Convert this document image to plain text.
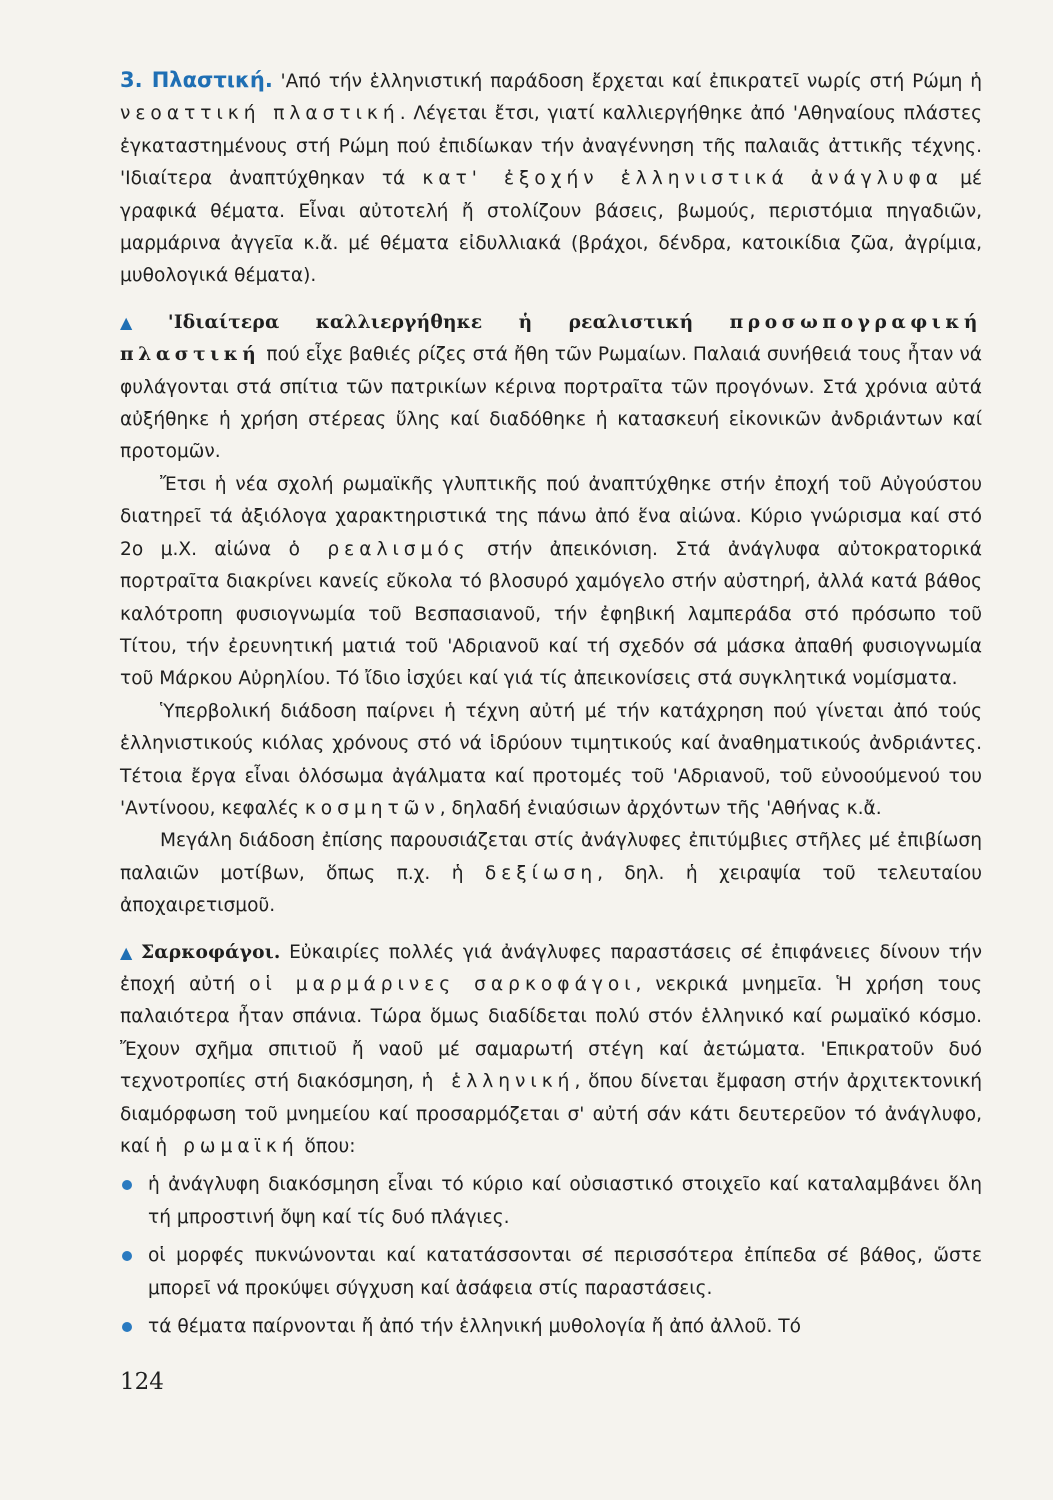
3. Πλαστική. 'Από τήν ἑλληνιστική παράδοση ἔρχεται καί ἐπικρατεῖ νωρίς στή Ρώμη ἡ νεοαττική πλαστική. Λέγεται ἔτσι, γιατί καλλιεργήθηκε ἀπό 'Αθηναίους πλάστες ἐγκαταστημένους στή Ρώμη πού ἐπιδίωκαν τήν ἀναγέννηση τῆς παλαιᾶς ἀττικῆς τέχνης. 'Ιδιαίτερα ἀναπτύχθηκαν τά κατ' ἐξοχήν ἑλληνιστικά ἀνάγλυφα μέ γραφικά θέματα. Εἶναι αὐτοτελή ἤ στολίζουν βάσεις, βωμούς, περιστόμια πηγαδιῶν, μαρμάρινα ἀγγεῖα κ.ἄ. μέ θέματα εἰδυλλιακά (βράχοι, δένδρα, κατοικίδια ζῶα, ἀγρίμια, μυθολογικά θέματα).

▲ 'Ιδιαίτερα καλλιεργήθηκε ἡ ρεαλιστική προσωπογραφική πλαστική πού εἶχε βαθιές ρίζες στά ἤθη τῶν Ρωμαίων. Παλαιά συνήθειά τους ἦταν νά φυλάγονται στά σπίτια τῶν πατρικίων κέρινα πορτραῖτα τῶν προγόνων. Στά χρόνια αὐτά αὐξήθηκε ἡ χρήση στέρεας ὕλης καί διαδόθηκε ἡ κατασκευή εἰκονικῶν ἀνδριάντων καί προτομῶν.

Ἔτσι ἡ νέα σχολή ρωμαϊκῆς γλυπτικῆς πού ἀναπτύχθηκε στήν ἐποχή τοῦ Αὐγούστου διατηρεῖ τά ἀξιόλογα χαρακτηριστικά της πάνω ἀπό ἕνα αἰώνα. Κύριο γνώρισμα καί στό 2ο μ.Χ. αἰώνα ὁ ρεαλισμός στήν ἀπεικόνιση. Στά ἀνάγλυφα αὐτοκρατορικά πορτραῖτα διακρίνει κανείς εὔκολα τό βλοσυρό χαμόγελο στήν αὐστηρή, ἀλλά κατά βάθος καλότροπη φυσιογνωμία τοῦ Βεσπασιανοῦ, τήν ἐφηβική λαμπεράδα στό πρόσωπο τοῦ Τίτου, τήν ἐρευνητική ματιά τοῦ 'Αδριανοῦ καί τή σχεδόν σά μάσκα ἀπαθή φυσιογνωμία τοῦ Μάρκου Αὐρηλίου. Τό ἴδιο ἰσχύει καί γιά τίς ἀπεικονίσεις στά συγκλητικά νομίσματα.

Ὑπερβολική διάδοση παίρνει ἡ τέχνη αὐτή μέ τήν κατάχρηση πού γίνεται ἀπό τούς ἑλληνιστικούς κιόλας χρόνους στό νά ἱδρύουν τιμητικούς καί ἀναθηματικούς ἀνδριάντες. Τέτοια ἔργα εἶναι ὁλόσωμα ἀγάλματα καί προτομές τοῦ 'Αδριανοῦ, τοῦ εὐνοούμενού του 'Αντίνοου, κεφαλές κοσμητῶν, δηλαδή ἐνιαύσιων ἀρχόντων τῆς 'Αθήνας κ.ἄ.

Μεγάλη διάδοση ἐπίσης παρουσιάζεται στίς ἀνάγλυφες ἐπιτύμβιες στῆλες μέ ἐπιβίωση παλαιῶν μοτίβων, ὅπως π.χ. ἡ δεξίωση, δηλ. ἡ χειραψία τοῦ τελευταίου ἀποχαιρετισμοῦ.

▲ Σαρκοφάγοι. Εὐκαιρίες πολλές γιά ἀνάγλυφες παραστάσεις σέ ἐπιφάνειες δίνουν τήν ἐποχή αὐτή οἱ μαρμάρινες σαρκοφάγοι, νεκρικά μνημεῖα. Ἡ χρήση τους παλαιότερα ἦταν σπάνια. Τώρα ὅμως διαδίδεται πολύ στόν ἑλληνικό καί ρωμαϊκό κόσμο. Ἔχουν σχῆμα σπιτιοῦ ἤ ναοῦ μέ σαμαρωτή στέγη καί ἀετώματα. 'Επικρατοῦν δυό τεχνοτροπίες στή διακόσμηση, ἡ ἑλληνική, ὅπου δίνεται ἔμφαση στήν ἀρχιτεκτονική διαμόρφωση τοῦ μνημείου καί προσαρμόζεται σ' αὐτή σάν κάτι δευτερεῦον τό ἀνάγλυφο, καί ἡ ρωμαϊκή ὅπου:

ἡ ἀνάγλυφη διακόσμηση εἶναι τό κύριο καί οὐσιαστικό στοιχεῖο καί καταλαμβάνει ὅλη τή μπροστινή ὄψη καί τίς δυό πλάγιες.

οἱ μορφές πυκνώνονται καί κατατάσσονται σέ περισσότερα ἐπίπεδα σέ βάθος, ὥστε μπορεῖ νά προκύψει σύγχυση καί ἀσάφεια στίς παραστάσεις.

τά θέματα παίρνονται ἤ ἀπό τήν ἑλληνική μυθολογία ἤ ἀπό ἀλλοῦ. Τό

124
